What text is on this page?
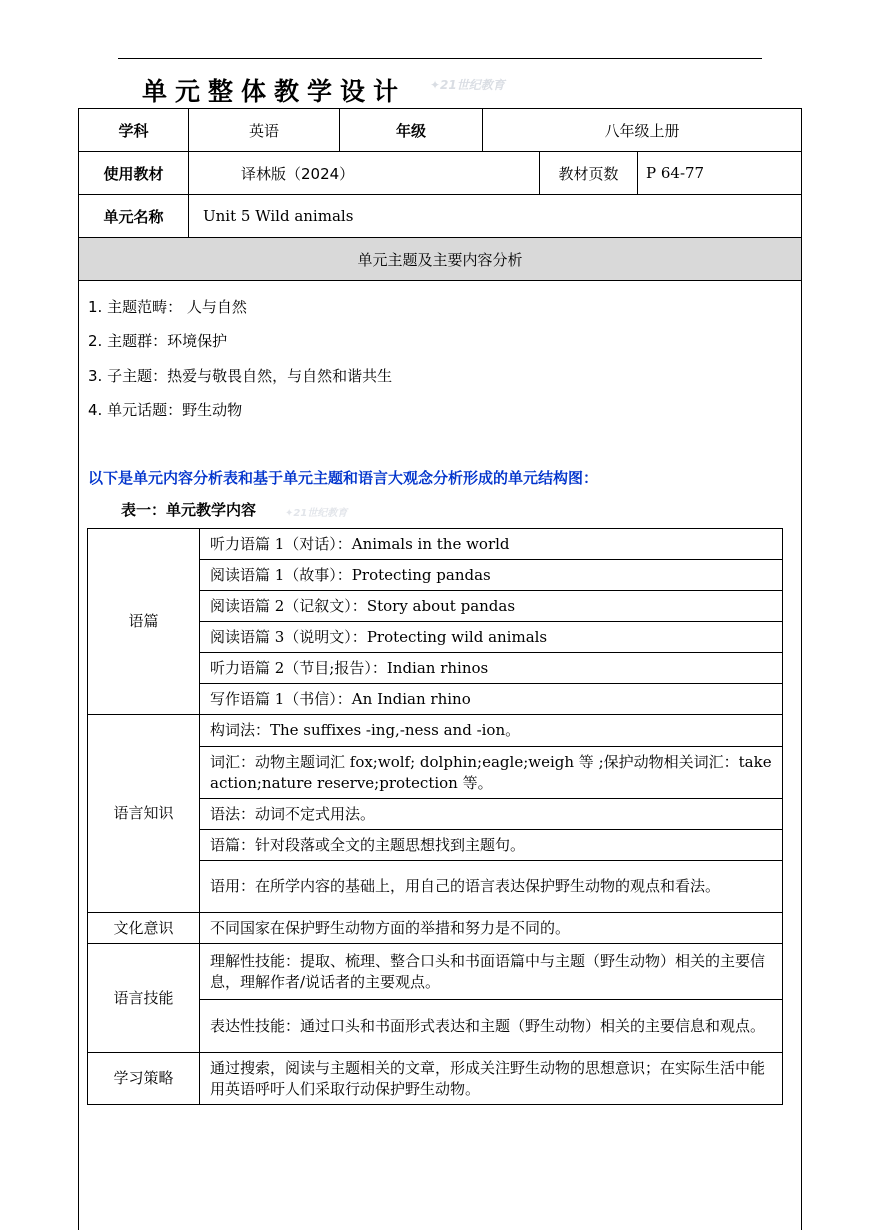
单元整体教学设计 ✦21世纪教育
学科	英语	年级	八年级上册		
使用教材	译林版（2024）			教材页数	P 64-77
单元名称	Unit 5 Wild animals				
单元主题及主要内容分析					
1. 主题范畴： 人与自然
2. 主题群：环境保护
3. 子主题：热爱与敬畏自然，与自然和谐共生
4. 单元话题：野生动物
以下是单元内容分析表和基于单元主题和语言大观念分析形成的单元结构图：
表一：单元教学内容	✦21世纪教育
语篇	听力语篇 1（对话）：Animals in the world
	阅读语篇 1（故事）：Protecting pandas
	阅读语篇 2（记叙文）：Story about pandas
	阅读语篇 3（说明文）：Protecting wild animals
	听力语篇 2（节目;报告）：Indian rhinos
	写作语篇 1（书信）：An Indian rhino
语言知识	构词法：The suffixes -ing,-ness and -ion。
	词汇：动物主题词汇 fox;wolf; dolphin;eagle;weigh 等 ;保护动物相关词汇：take action;nature reserve;protection 等。
	语法：动词不定式用法。
	语篇：针对段落或全文的主题思想找到主题句。
	语用：在所学内容的基础上，用自己的语言表达保护野生动物的观点和看法。
文化意识	不同国家在保护野生动物方面的举措和努力是不同的。
语言技能	理解性技能：提取、梳理、整合口头和书面语篇中与主题（野生动物）相关的主要信息，理解作者/说话者的主要观点。
	表达性技能：通过口头和书面形式表达和主题（野生动物）相关的主要信息和观点。
学习策略	通过搜索，阅读与主题相关的文章，形成关注野生动物的思想意识；在实际生活中能用英语呼吁人们采取行动保护野生动物。
